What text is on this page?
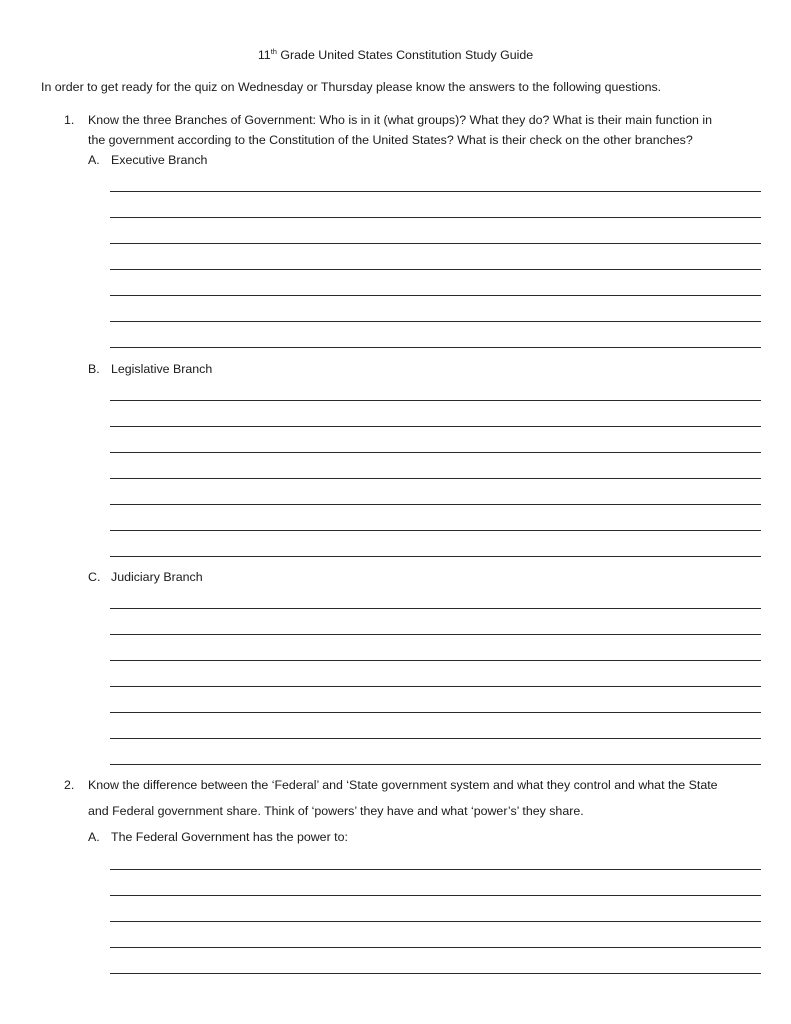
11th Grade United States Constitution Study Guide
In order to get ready for the quiz on Wednesday or Thursday please know the answers to the following questions.
1. Know the three Branches of Government: Who is in it (what groups)? What they do? What is their main function in
the government according to the Constitution of the United States? What is their check on the other branches?
A. Executive Branch
B. Legislative Branch
C. Judiciary Branch
2. Know the difference between the ‘Federal’ and ‘State government system and what they control and what the State
and Federal government share. Think of ‘powers’ they have and what ‘power’s’ they share.
A. The Federal Government has the power to:
